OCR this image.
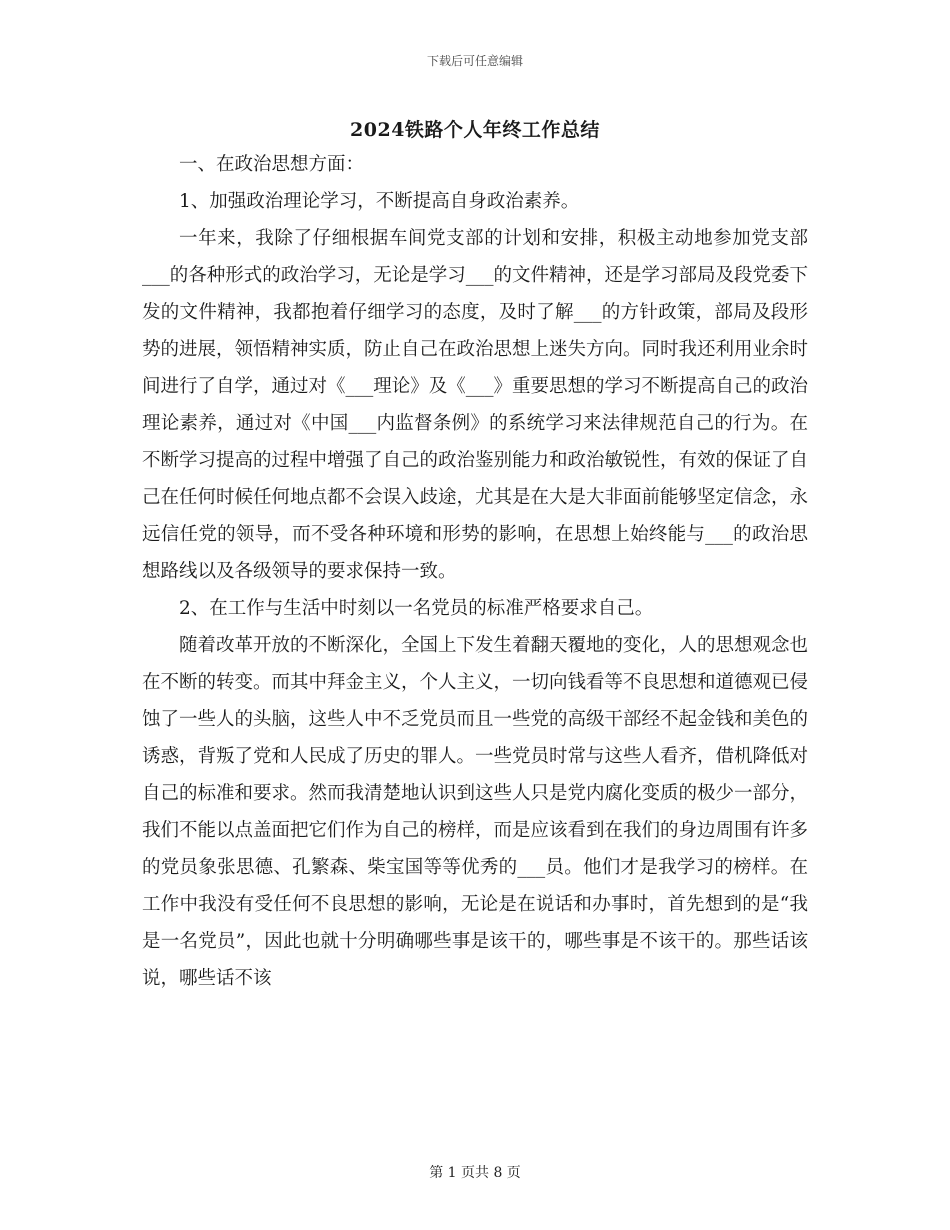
下载后可任意编辑
2024铁路个人年终工作总结

一、在政治思想方面：

1、加强政治理论学习，不断提高自身政治素养。

一年来，我除了仔细根据车间党支部的计划和安排，积极主动地参加党支部___的各种形式的政治学习，无论是学习___的文件精神，还是学习部局及段党委下发的文件精神，我都抱着仔细学习的态度，及时了解___的方针政策，部局及段形势的进展，领悟精神实质，防止自己在政治思想上迷失方向。同时我还利用业余时间进行了自学，通过对《___理论》及《___》重要思想的学习不断提高自己的政治理论素养，通过对《中国___内监督条例》的系统学习来法律规范自己的行为。在不断学习提高的过程中增强了自己的政治鉴别能力和政治敏锐性，有效的保证了自己在任何时候任何地点都不会误入歧途，尤其是在大是大非面前能够坚定信念，永远信任党的领导，而不受各种环境和形势的影响，在思想上始终能与___的政治思想路线以及各级领导的要求保持一致。

2、在工作与生活中时刻以一名党员的标准严格要求自己。

随着改革开放的不断深化，全国上下发生着翻天覆地的变化，人的思想观念也在不断的转变。而其中拜金主义，个人主义，一切向钱看等不良思想和道德观已侵蚀了一些人的头脑，这些人中不乏党员而且一些党的高级干部经不起金钱和美色的诱惑，背叛了党和人民成了历史的罪人。一些党员时常与这些人看齐，借机降低对自己的标准和要求。然而我清楚地认识到这些人只是党内腐化变质的极少一部分，我们不能以点盖面把它们作为自己的榜样，而是应该看到在我们的身边周围有许多的党员象张思德、孔繁森、柴宝国等等优秀的___员。他们才是我学习的榜样。在工作中我没有受任何不良思想的影响，无论是在说话和办事时，首先想到的是“我是一名党员”，因此也就十分明确哪些事是该干的，哪些事是不该干的。那些话该说，哪些话不该

第 1 页共 8 页
